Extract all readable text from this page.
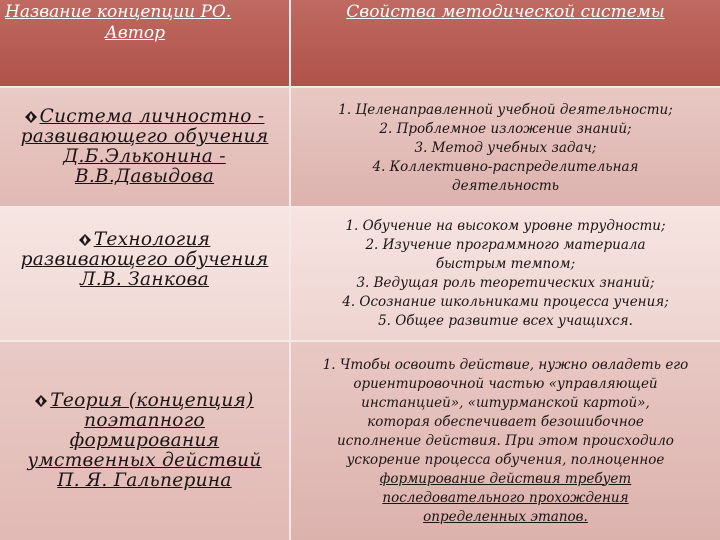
Название концепции РО.
Автор
Свойства методической системы
Система личностно -
развивающего обучения
Д.Б.Эльконина -
В.В.Давыдова
1. Целенаправленной учебной деятельности;
2. Проблемное изложение знаний;
3. Метод учебных задач;
4. Коллективно-распределительная
деятельность
Технология
развивающего обучения
Л.В. Занкова
1. Обучение на высоком уровне трудности;
2. Изучение программного материала
быстрым темпом;
3. Ведущая роль теоретических знаний;
4. Осознание школьниками процесса учения;
5. Общее развитие всех учащихся.
Теория (концепция)
поэтапного
формирования
умственных действий
П. Я. Гальперина
1. Чтобы освоить действие, нужно овладеть его
ориентировочной частью «управляющей
инстанцией», «штурманской картой»,
которая обеспечивает безошибочное
исполнение действия. При этом происходило
ускорение процесса обучения, полноценное
формирование действия требует
последовательного прохождения
определенных этапов.
